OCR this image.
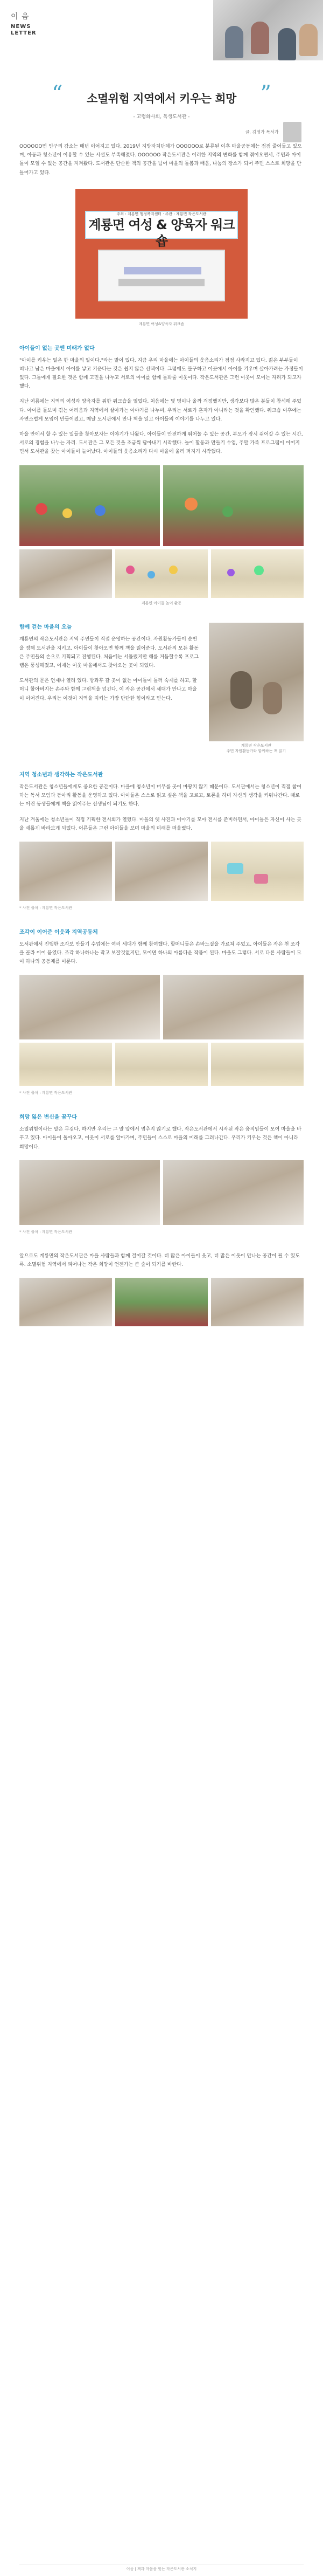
이 음
NEWS
LETTER
“	”
소멸위험 지역에서 키우는 희망
- 고령화사회, 독생도서관 -
글. 김영가 독서가
OOOOOO면 인구의 감소는 매년 이어지고 있다. 2019년 지방자치단체가 OOOOOO로 분류된 이후 마을공동체는 점점 줄어들고 있으며, 아동과 청소년이 이용할 수 있는 시설도 부족해졌다. OOOOOO 작은도서관은 이러한 지역의 변화를 함께 겪어오면서, 주민과 아이들이 모일 수 있는 공간을 지켜왔다. 도서관은 단순한 책의 공간을 넘어 마을의 돌봄과 배움, 나눔의 장소가 되어 주민 스스로 희망을 만들어가고 있다.
주최 : 계룡면 행정복지센터 · 주관 : 계룡면 작은도서관
계룡면 여성 & 양육자 워크숍
계룡면 여성&양육자 워크숍
아이들이 없는 곳엔 미래가 없다

"아이를 키우는 일은 한 마을의 일이다."라는 말이 있다. 지금 우리 마을에는 아이들의 웃음소리가 점점 사라지고 있다. 젊은 부부들이 떠나고 남은 마을에서 아이를 낳고 키운다는 것은 쉽지 않은 선택이다. 그럼에도 불구하고 이곳에서 아이를 키우며 살아가려는 가정들이 있다. 그들에게 필요한 것은 함께 고민을 나누고 서로의 아이를 함께 돌봐줄 이웃이다. 작은도서관은 그런 이웃이 모이는 자리가 되고자 했다.

지난 여름에는 지역의 여성과 양육자를 위한 워크숍을 열었다. 처음에는 몇 명이나 올까 걱정했지만, 생각보다 많은 분들이 참석해 주었다. 아이를 돌보며 겪는 어려움과 지역에서 살아가는 이야기를 나누며, 우리는 서로가 혼자가 아니라는 것을 확인했다. 워크숍 이후에는 자연스럽게 모임이 만들어졌고, 매달 도서관에서 만나 책을 읽고 아이들의 이야기를 나누고 있다.

마을 안에서 할 수 있는 일들을 찾아보자는 이야기가 나왔다. 아이들이 안전하게 뛰어놀 수 있는 공간, 부모가 잠시 쉬어갈 수 있는 시간, 서로의 경험을 나누는 자리. 도서관은 그 모든 것을 조금씩 담아내기 시작했다. 놀이 활동과 만들기 수업, 주말 가족 프로그램이 이어지면서 도서관을 찾는 아이들이 늘어났다. 아이들의 웃음소리가 다시 마을에 울려 퍼지기 시작했다.

계룡면 아이들 놀이 활동
함께 걷는 마을의 오늘

계룡면의 작은도서관은 지역 주민들이 직접 운영하는 공간이다. 자원활동가들이 순번을 정해 도서관을 지키고, 아이들이 찾아오면 함께 책을 읽어준다. 도서관의 모든 활동은 주민들의 손으로 기획되고 진행된다. 처음에는 서툴렀지만 해를 거듭할수록 프로그램은 풍성해졌고, 이제는 이웃 마을에서도 찾아오는 곳이 되었다.

도서관의 문은 언제나 열려 있다. 방과후 갈 곳이 없는 아이들이 들러 숙제를 하고, 할머니 할아버지는 손주와 함께 그림책을 넘긴다. 이 작은 공간에서 세대가 만나고 마을이 이어진다. 우리는 이것이 지역을 지키는 가장 단단한 힘이라고 믿는다.

계룡면 작은도서관
주민 자원활동가와 함께하는 책 읽기
지역 청소년과 생각하는 작은도서관

작은도서관은 청소년들에게도 중요한 공간이다. 마을에 청소년이 머무를 곳이 마땅치 않기 때문이다. 도서관에서는 청소년이 직접 참여하는 독서 모임과 동아리 활동을 운영하고 있다. 아이들은 스스로 읽고 싶은 책을 고르고, 토론을 하며 자신의 생각을 키워나간다. 때로는 어린 동생들에게 책을 읽어주는 선생님이 되기도 한다.

지난 겨울에는 청소년들이 직접 기획한 전시회가 열렸다. 마을의 옛 사진과 이야기를 모아 전시를 준비하면서, 아이들은 자신이 사는 곳을 새롭게 바라보게 되었다. 어른들은 그런 아이들을 보며 마을의 미래를 떠올렸다.

* 사진 출처 : 계룡면 작은도서관
조각이 이어준 이웃과 지역공동체

도서관에서 진행한 조각보 만들기 수업에는 여러 세대가 함께 참여했다. 할머니들은 손바느질을 가르쳐 주었고, 아이들은 작은 천 조각을 골라 이어 붙였다. 조각 하나하나는 작고 보잘것없지만, 모이면 하나의 아름다운 작품이 된다. 마을도 그렇다. 서로 다른 사람들이 모여 하나의 공동체를 이룬다.

* 사진 출처 : 계룡면 작은도서관
희망 잃은 변신을 꿈꾸다

소멸위험이라는 말은 무겁다. 하지만 우리는 그 말 앞에서 멈추지 않기로 했다. 작은도서관에서 시작된 작은 움직임들이 모여 마을을 바꾸고 있다. 아이들이 돌아오고, 이웃이 서로를 알아가며, 주민들이 스스로 마을의 미래를 그려나간다. 우리가 키우는 것은 책이 아니라 희망이다.

* 사진 출처 : 계룡면 작은도서관

앞으로도 계룡면의 작은도서관은 마을 사람들과 함께 걸어갈 것이다. 더 많은 아이들이 웃고, 더 많은 이웃이 만나는 공간이 될 수 있도록. 소멸위험 지역에서 피어나는 작은 희망이 언젠가는 큰 숲이 되기를 바란다.

이음 | 책과 마을을 잇는 작은도서관 소식지
